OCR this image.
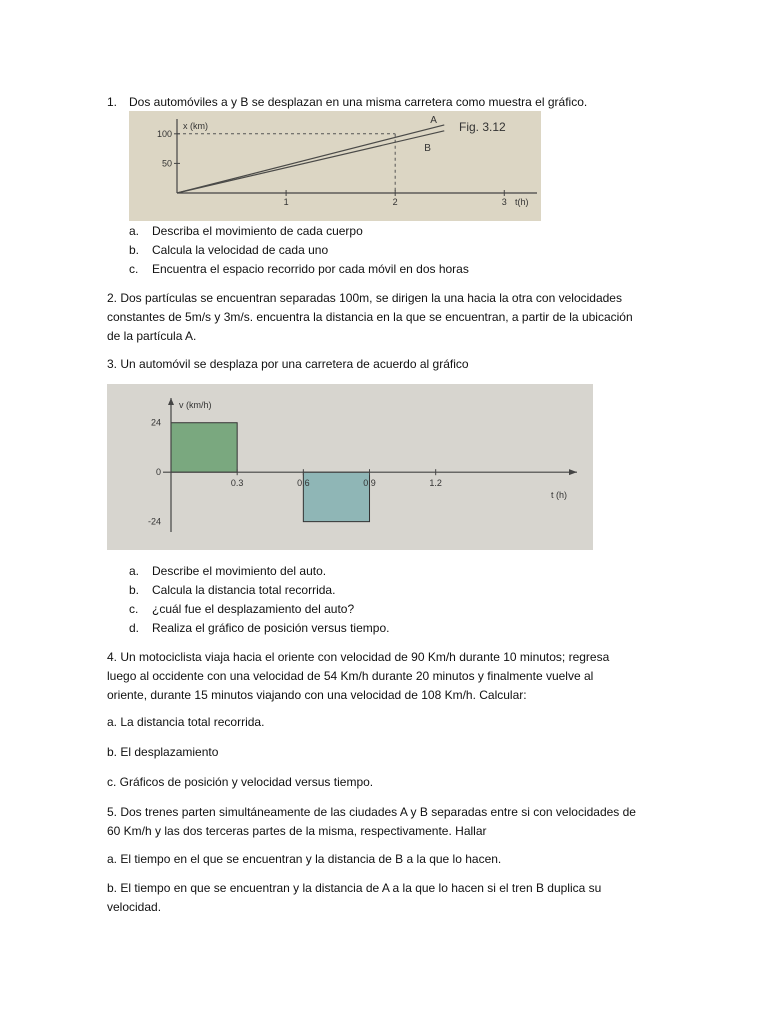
1. Dos automóviles a y B se desplazan en una misma carretera como muestra el gráfico.
1	2	3
50
100
A
B
x (km)
t(h)
Fig. 3.12
a. Describa el movimiento de cada cuerpo
b. Calcula la velocidad de cada uno
c. Encuentra el espacio recorrido por cada móvil en dos horas
2. Dos partículas se encuentran separadas 100m, se dirigen la una hacia la otra con velocidades
constantes de 5m/s y 3m/s. encuentra la distancia en la que se encuentran, a partir de la ubicación
de la partícula A.
3. Un automóvil se desplaza por una carretera de acuerdo al gráfico
0.3	0.6	0.9	1.2
24
0
-24
v (km/h)
t (h)
a. Describe el movimiento del auto.
b. Calcula la distancia total recorrida.
c. ¿cuál fue el desplazamiento del auto?
d. Realiza el gráfico de posición versus tiempo.
4. Un motociclista viaja hacia el oriente con velocidad de 90 Km/h durante 10 minutos; regresa
luego al occidente con una velocidad de 54 Km/h durante 20 minutos y finalmente vuelve al
oriente, durante 15 minutos viajando con una velocidad de 108 Km/h. Calcular:
a. La distancia total recorrida.
b. El desplazamiento
c. Gráficos de posición y velocidad versus tiempo.
5. Dos trenes parten simultáneamente de las ciudades A y B separadas entre si con velocidades de
60 Km/h y las dos terceras partes de la misma, respectivamente. Hallar
a. El tiempo en el que se encuentran y la distancia de B a la que lo hacen.
b. El tiempo en que se encuentran y la distancia de A a la que lo hacen si el tren B duplica su
velocidad.
